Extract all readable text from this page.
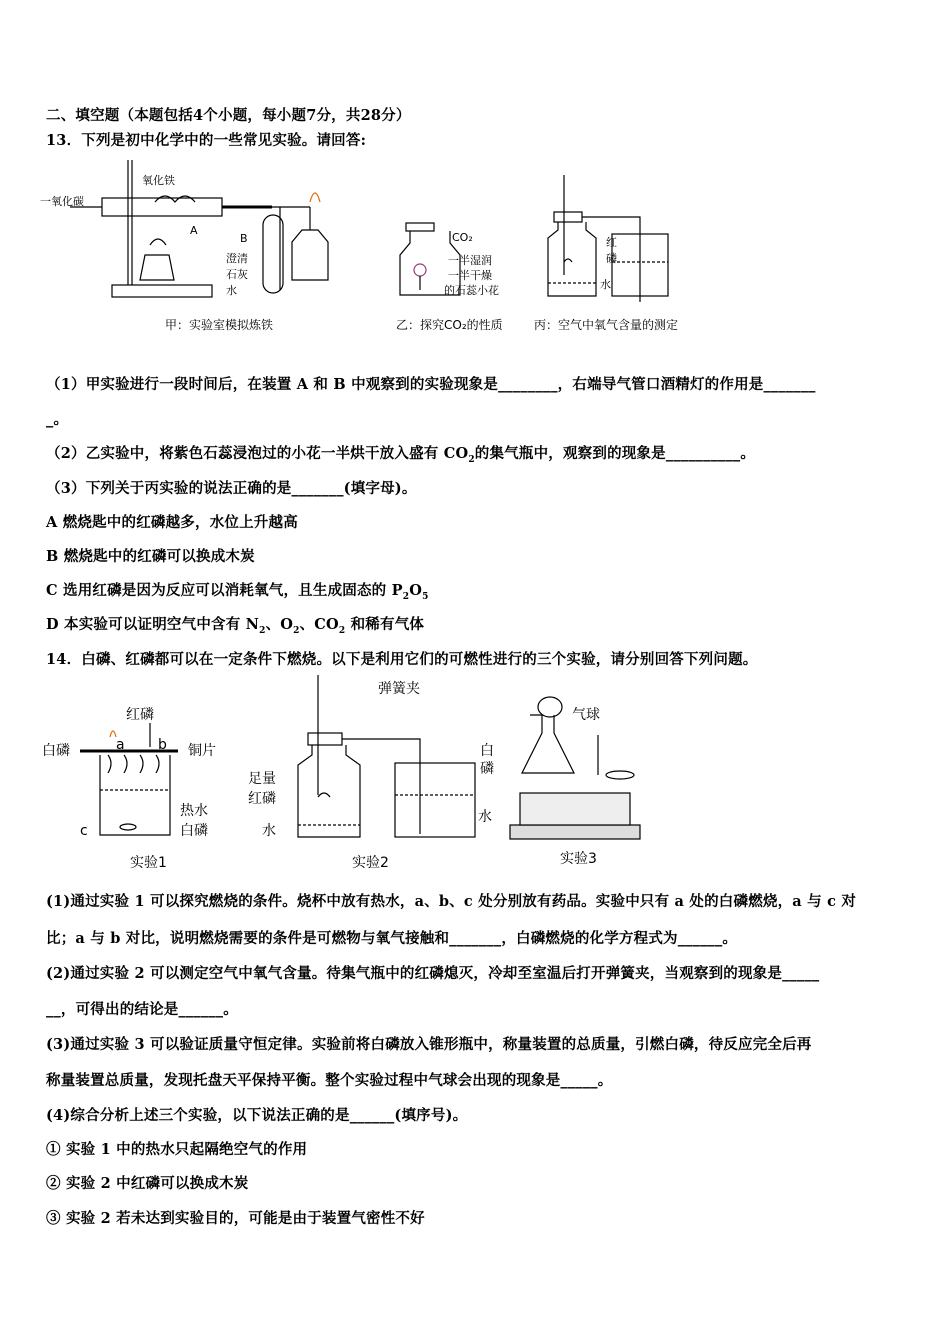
二、填空题（本题包括4个小题，每小题7分，共28分）
13．下列是初中化学中的一些常见实验。请回答:
一氧化碳
氧化铁
A
B
澄清
石灰
水
CO₂
一半湿润
一半干燥
的石蕊小花
红
磷
水
甲：实验室模拟炼铁	乙：探究CO₂的性质	丙：空气中氧气含量的测定
（1）甲实验进行一段时间后，在装置 A 和 B 中观察到的实验现象是________，右端导气管口酒精灯的作用是_______
_。
（2）乙实验中，将紫色石蕊浸泡过的小花一半烘干放入盛有 $CO_2$的集气瓶中，观察到的现象是__________。
（3）下列关于丙实验的说法正确的是_______(填字母)。
A 燃烧匙中的红磷越多，水位上升越高
B 燃烧匙中的红磷可以换成木炭
C 选用红磷是因为反应可以消耗氧气，且生成固态的 $P_2O_5$
D 本实验可以证明空气中含有 $N_2$、$O_2$、$CO_2$ 和稀有气体
14．白磷、红磷都可以在一定条件下燃烧。以下是利用它们的可燃性进行的三个实验，请分别回答下列问题。
红磷
白磷	a b 铜片
热水
白磷
c
弹簧夹
足量
红磷
水
水
气球
白
磷
实验1	实验2	实验3
(1)通过实验 1 可以探究燃烧的条件。烧杯中放有热水，a、b、c 处分别放有药品。实验中只有 a 处的白磷燃烧，a 与 c 对
比；a 与 b 对比，说明燃烧需要的条件是可燃物与氧气接触和_______，白磷燃烧的化学方程式为______。
(2)通过实验 2 可以测定空气中氧气含量。待集气瓶中的红磷熄灭，冷却至室温后打开弹簧夹，当观察到的现象是_____
__，可得出的结论是______。
(3)通过实验 3 可以验证质量守恒定律。实验前将白磷放入锥形瓶中，称量装置的总质量，引燃白磷，待反应完全后再
称量装置总质量，发现托盘天平保持平衡。整个实验过程中气球会出现的现象是_____。
(4)综合分析上述三个实验，以下说法正确的是______(填序号)。
① 实验 1 中的热水只起隔绝空气的作用
② 实验 2 中红磷可以换成木炭
③ 实验 2 若未达到实验目的，可能是由于装置气密性不好
